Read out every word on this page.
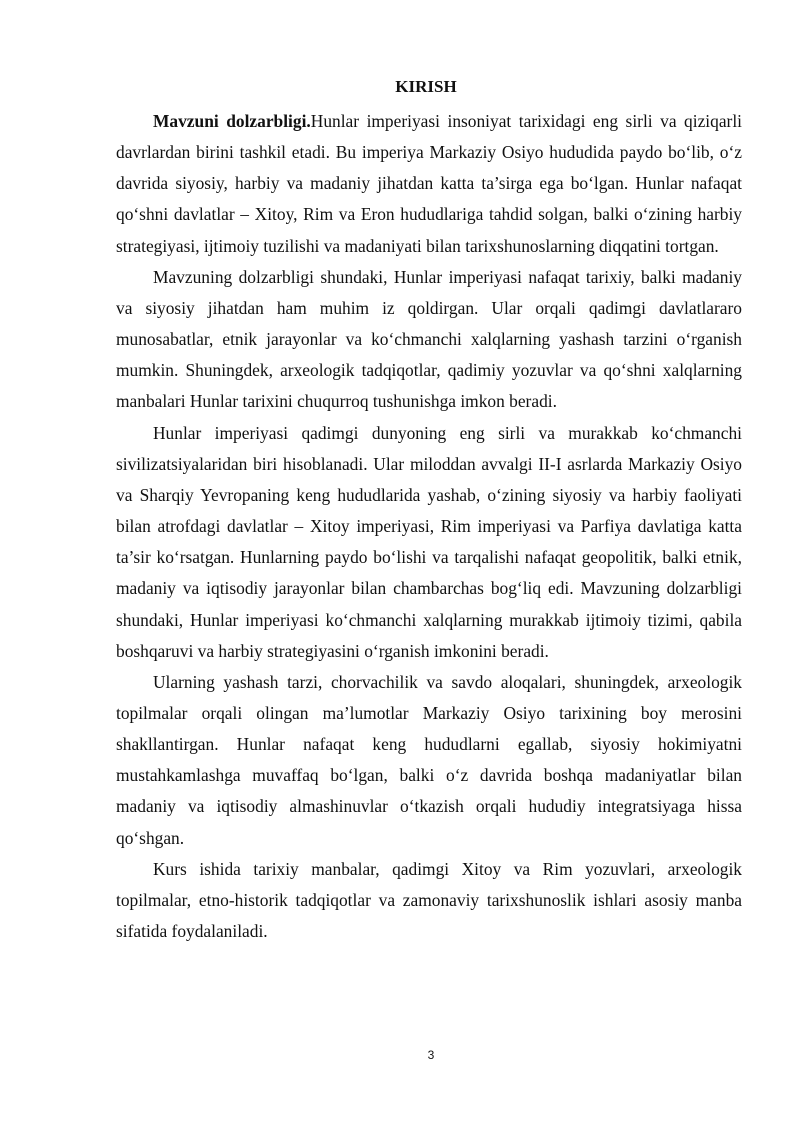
KIRISH

Mavzuni dolzarbligi.Hunlar imperiyasi insoniyat tarixidagi eng sirli va qiziqarli davrlardan birini tashkil etadi. Bu imperiya Markaziy Osiyo hududida paydo bo‘lib, o‘z davrida siyosiy, harbiy va madaniy jihatdan katta ta’sirga ega bo‘lgan. Hunlar nafaqat qo‘shni davlatlar – Xitoy, Rim va Eron hududlariga tahdid solgan, balki o‘zining harbiy strategiyasi, ijtimoiy tuzilishi va madaniyati bilan tarixshunoslarning diqqatini tortgan.

Mavzuning dolzarbligi shundaki, Hunlar imperiyasi nafaqat tarixiy, balki madaniy va siyosiy jihatdan ham muhim iz qoldirgan. Ular orqali qadimgi davlatlararo munosabatlar, etnik jarayonlar va ko‘chmanchi xalqlarning yashash tarzini o‘rganish mumkin. Shuningdek, arxeologik tadqiqotlar, qadimiy yozuvlar va qo‘shni xalqlarning manbalari Hunlar tarixini chuqurroq tushunishga imkon beradi.

Hunlar imperiyasi qadimgi dunyoning eng sirli va murakkab ko‘chmanchi sivilizatsiyalaridan biri hisoblanadi. Ular miloddan avvalgi II-I asrlarda Markaziy Osiyo va Sharqiy Yevropaning keng hududlarida yashab, o‘zining siyosiy va harbiy faoliyati bilan atrofdagi davlatlar – Xitoy imperiyasi, Rim imperiyasi va Parfiya davlatiga katta ta’sir ko‘rsatgan. Hunlarning paydo bo‘lishi va tarqalishi nafaqat geopolitik, balki etnik, madaniy va iqtisodiy jarayonlar bilan chambarchas bog‘liq edi. Mavzuning dolzarbligi shundaki, Hunlar imperiyasi ko‘chmanchi xalqlarning murakkab ijtimoiy tizimi, qabila boshqaruvi va harbiy strategiyasini o‘rganish imkonini beradi.

Ularning yashash tarzi, chorvachilik va savdo aloqalari, shuningdek, arxeologik topilmalar orqali olingan ma’lumotlar Markaziy Osiyo tarixining boy merosini shakllantirgan. Hunlar nafaqat keng hududlarni egallab, siyosiy hokimiyatni mustahkamlashga muvaffaq bo‘lgan, balki o‘z davrida boshqa madaniyatlar bilan madaniy va iqtisodiy almashinuvlar o‘tkazish orqali hududiy integratsiyaga hissa qo‘shgan.

Kurs ishida tarixiy manbalar, qadimgi Xitoy va Rim yozuvlari, arxeologik topilmalar, etno-historik tadqiqotlar va zamonaviy tarixshunoslik ishlari asosiy manba sifatida foydalaniladi.

3
